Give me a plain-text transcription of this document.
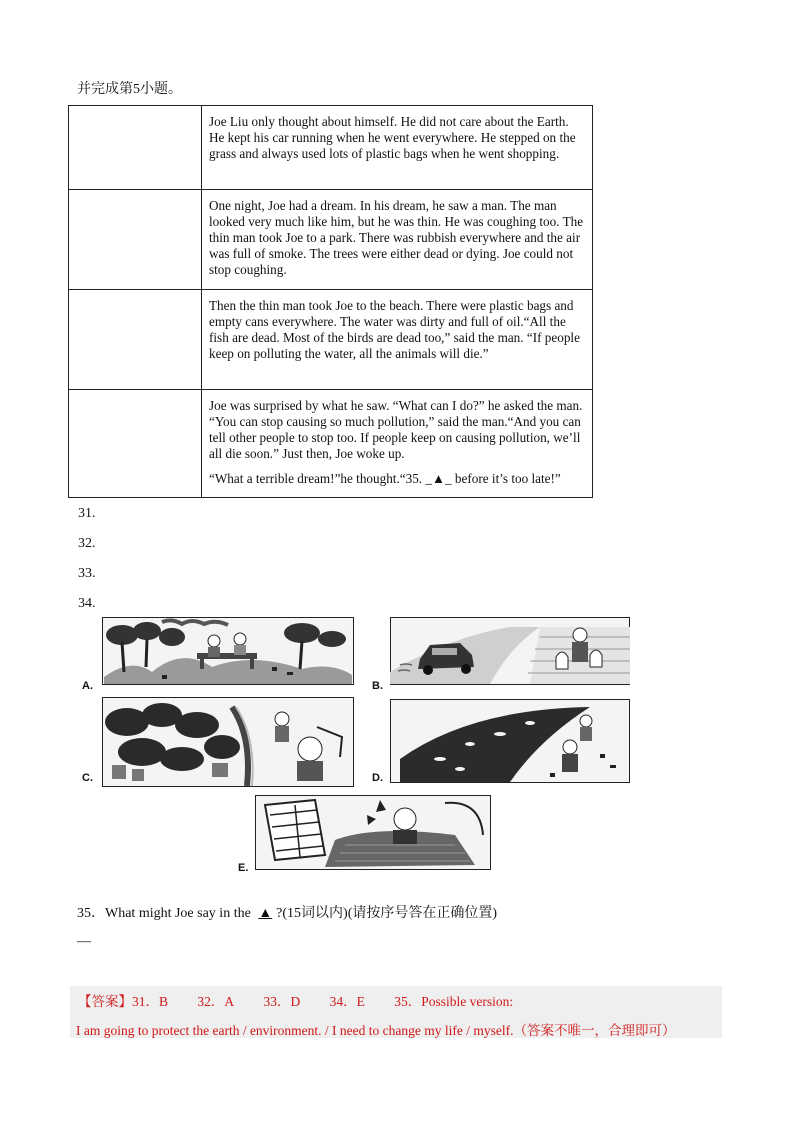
并完成第5小题。
	Joe Liu only thought about himself. He did not care about the Earth. He kept his car running when he went everywhere. He stepped on the grass and always used lots of plastic bags when he went shopping.
	One night, Joe had a dream. In his dream, he saw a man. The man looked very much like him, but he was thin. He was coughing too. The thin man took Joe to a park. There was rubbish everywhere and the air was full of smoke. The trees were either dead or dying. Joe could not stop coughing.
	Then the thin man took Joe to the beach. There were plastic bags and empty cans everywhere. The water was dirty and full of oil.“All the fish are dead. Most of the birds are dead too,” said the man. “If people keep on polluting the water, all the animals will die.”

	Joe was surprised by what he saw. “What can I do?” he asked the man. “You can stop causing so much pollution,” said the man.“And you can tell other people to stop too. If people keep on causing pollution, we’ll all die soon.” Just then, Joe woke up.
“What a terrible dream!”he thought.“35. _▲_ before it’s too late!”
31.
32.
33.
34.
A.	B.
C.	D.
E.
35．What might Joe say in the ▲ ?(15词以内)(请按序号答在正确位置)
—
【答案】31．B 32．A 33．D 34．E 35．Possible version:
I am going to protect the earth / environment. / I need to change my life / myself.（答案不唯一，合理即可）
